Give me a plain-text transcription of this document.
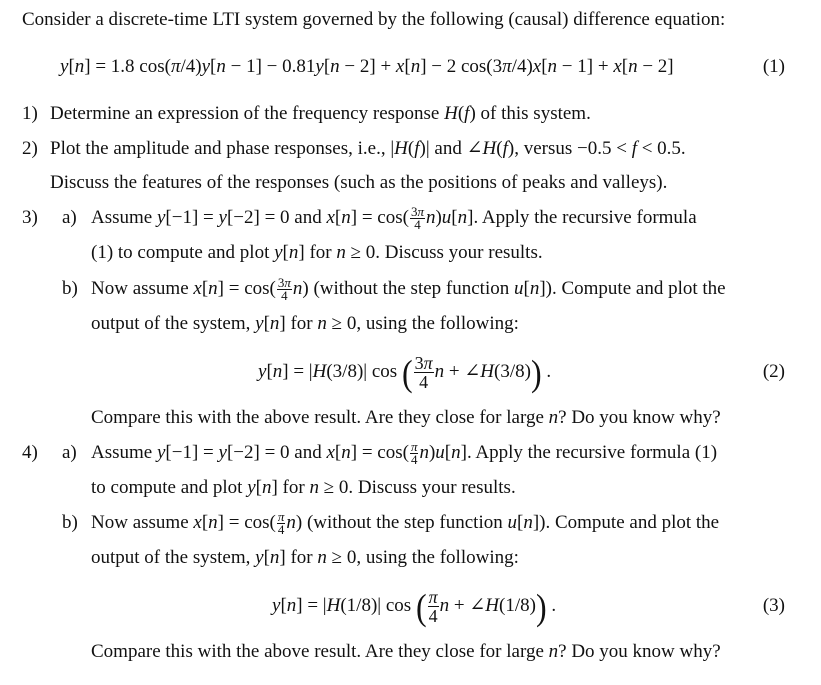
Consider a discrete-time LTI system governed by the following (causal) difference equation:
y[n] = 1.8 cos(π/4)y[n − 1] − 0.81y[n − 2] + x[n] − 2 cos(3π/4)x[n − 1] + x[n − 2]	(1)
1) Determine an expression of the frequency response H(f) of this system.
2) Plot the amplitude and phase responses, i.e., |H(f)| and ∠H(f), versus −0.5 < f < 0.5.
Discuss the features of the responses (such as the positions of peaks and valleys).
3) a) Assume y[−1] = y[−2] = 0 and $x[n] = \cos( \frac{3\pi}{4} n)u[n]$. Apply the recursive formula
(1) to compute and plot y[n] for n ≥ 0. Discuss your results.
b) Now assume $x[n] = \cos( \frac{3\pi}{4} n)$ (without the step function u[n]). Compute and plot the
output of the system, y[n] for n ≥ 0, using the following:
y[n] = |H(3/8)| cos ( $\frac{3\pi}{4}$ n + ∠H(3/8)) .	(2)
Compare this with the above result. Are they close for large n? Do you know why?
4) a) Assume y[−1] = y[−2] = 0 and $x[n] = \cos( \frac{\pi}{4} n)u[n]$. Apply the recursive formula (1)
to compute and plot y[n] for n ≥ 0. Discuss your results.
b) Now assume $x[n] = \cos( \frac{\pi}{4} n)$ (without the step function u[n]). Compute and plot the
output of the system, y[n] for n ≥ 0, using the following:
y[n] = |H(1/8)| cos ( $\frac{\pi}{4}$ n + ∠H(1/8)) .	(3)
Compare this with the above result. Are they close for large n? Do you know why?
